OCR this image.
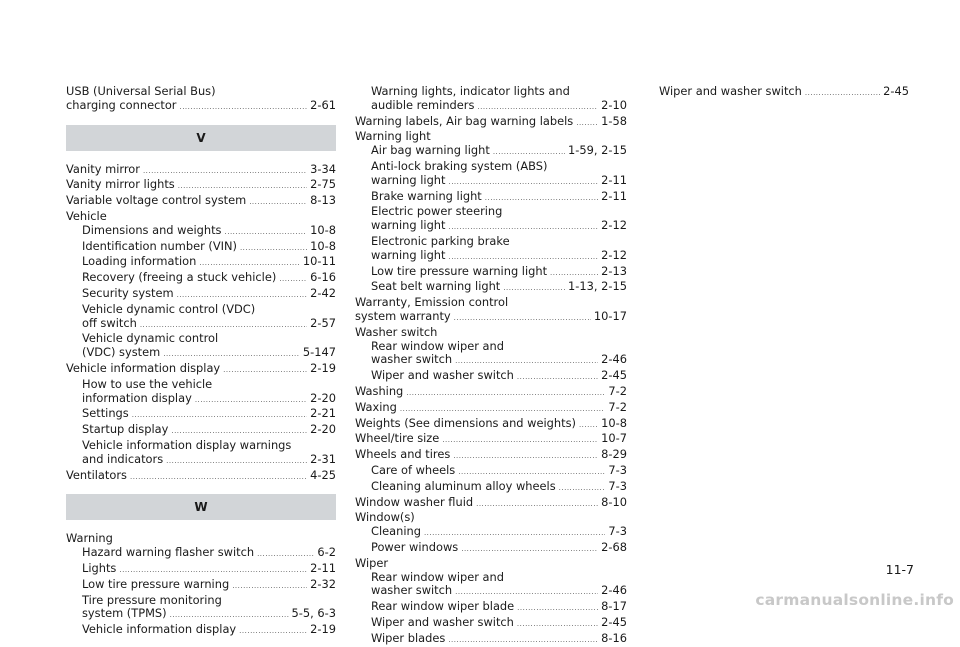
USB (Universal Serial Bus)
charging connector .....	2-61
V
Vanity mirror .....	3-34
Vanity mirror lights .....	2-75
Variable voltage control system .....	8-13
Vehicle
Dimensions and weights .....	10-8
Identification number (VIN) .....	10-8
Loading information .....	10-11
Recovery (freeing a stuck vehicle) .....	6-16
Security system .....	2-42
Vehicle dynamic control (VDC)
off switch .....	2-57
Vehicle dynamic control
(VDC) system .....	5-147
Vehicle information display .....	2-19
How to use the vehicle
information display .....	2-20
Settings .....	2-21
Startup display .....	2-20
Vehicle information display warnings
and indicators .....	2-31
Ventilators .....	4-25
W
Warning
Hazard warning flasher switch .....	6-2
Lights .....	2-11
Low tire pressure warning .....	2-32
Tire pressure monitoring
system (TPMS) .....	5-5, 6-3
Vehicle information display .....	2-19
Warning lights, indicator lights and
audible reminders .....	2-10
Warning labels, Air bag warning labels ..... 1-58
Warning light
Air bag warning light .....	1-59, 2-15
Anti-lock braking system (ABS)
warning light .....	2-11
Brake warning light .....	2-11
Electric power steering
warning light .....	2-12
Electronic parking brake
warning light .....	2-12
Low tire pressure warning light .....	2-13
Seat belt warning light .....	1-13, 2-15
Warranty, Emission control
system warranty .....	10-17
Washer switch
Rear window wiper and
washer switch .....	2-46
Wiper and washer switch .....	2-45
Washing .....	7-2
Waxing .....	7-2
Weights (See dimensions and weights) ..... 10-8
Wheel/tire size .....	10-7
Wheels and tires .....	8-29
Care of wheels .....	7-3
Cleaning aluminum alloy wheels .....	7-3
Window washer fluid .....	8-10
Window(s)
Cleaning .....	7-3
Power windows .....	2-68
Wiper
Rear window wiper and
washer switch .....	2-46
Rear window wiper blade .....	8-17
Wiper and washer switch .....	2-45
Wiper blades .....	8-16
Wiper and washer switch .....	2-45
11-7
carmanualsonline.info
